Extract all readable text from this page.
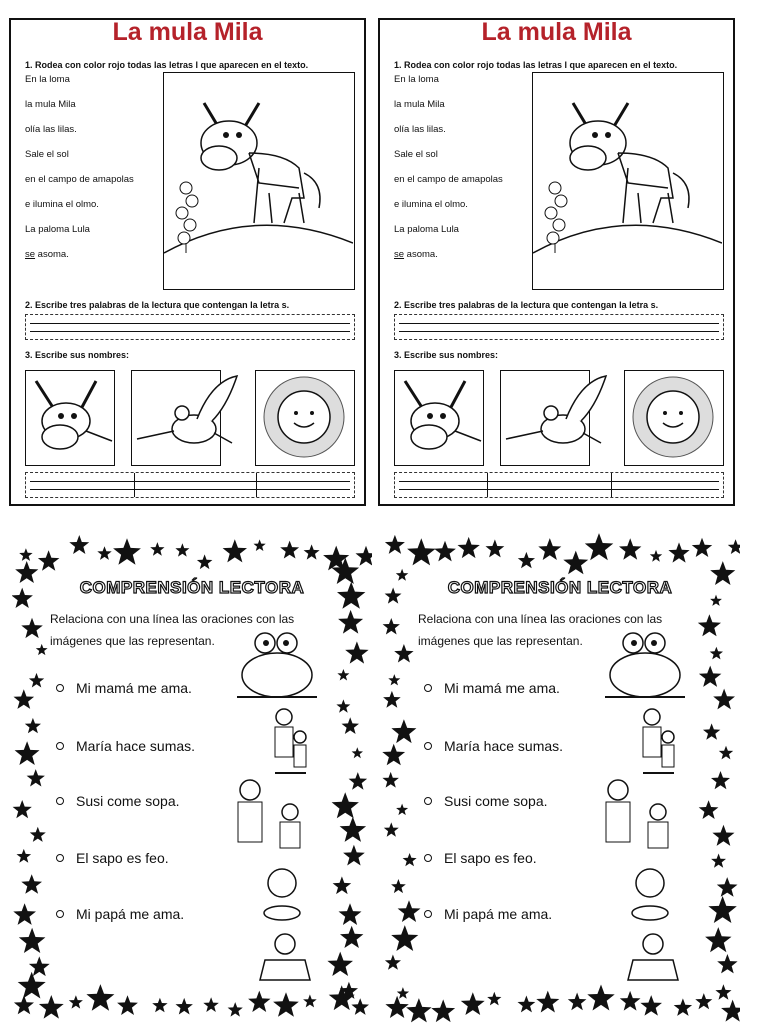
La mula Mila
1. Rodea con color rojo todas las letras l que aparecen en el texto.
En la loma
la mula Mila
olía las lilas.
Sale el sol
en el campo de amapolas
e ilumina el olmo.
La paloma Lula
se asoma.
2. Escribe tres palabras de la lectura que contengan la letra s.
3. Escribe sus nombres:
La mula Mila
1. Rodea con color rojo todas las letras l que aparecen en el texto.
En la loma
la mula Mila
olía las lilas.
Sale el sol
en el campo de amapolas
e ilumina el olmo.
La paloma Lula
se asoma.
2. Escribe tres palabras de la lectura que contengan la letra s.
3. Escribe sus nombres:
COMPRENSIÓN LECTORA
Relaciona con una línea las oraciones con las imágenes que las representan.
Mi mamá me ama.
María hace sumas.
Susi come sopa.
El sapo es feo.
Mi papá me ama.
COMPRENSIÓN LECTORA
Relaciona con una línea las oraciones con las imágenes que las representan.
Mi mamá me ama.
María hace sumas.
Susi come sopa.
El sapo es feo.
Mi papá me ama.
